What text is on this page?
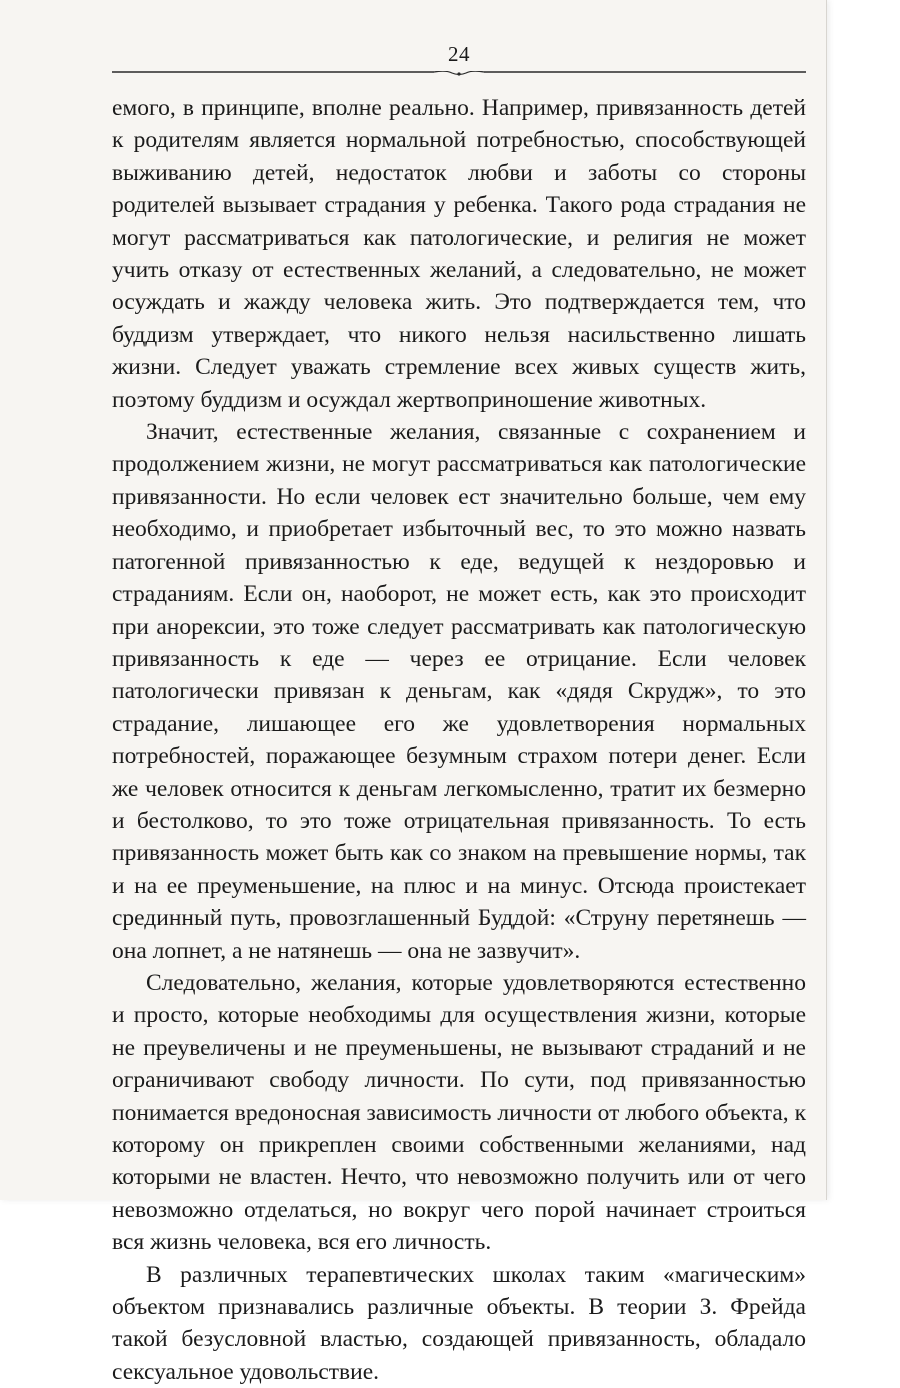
24

емого, в принципе, вполне реально. Например, привязанность детей к родителям является нормальной потребностью, способствующей выживанию детей, недостаток любви и заботы со стороны родителей вызывает страдания у ребенка. Такого рода страдания не могут рассматриваться как патологические, и религия не может учить отказу от естественных желаний, а следовательно, не может осуждать и жажду человека жить. Это подтверждается тем, что буддизм утверждает, что никого нельзя насильственно лишать жизни. Следует уважать стремление всех живых существ жить, поэтому буддизм и осуждал жертвоприношение животных.

Значит, естественные желания, связанные с сохранением и продолжением жизни, не могут рассматриваться как патологические привязанности. Но если человек ест значительно больше, чем ему необходимо, и приобретает избыточный вес, то это можно назвать патогенной привязанностью к еде, ведущей к нездоровью и страданиям. Если он, наоборот, не может есть, как это происходит при анорексии, это тоже следует рассматривать как патологическую привязанность к еде — через ее отрицание. Если человек патологически привязан к деньгам, как «дядя Скрудж», то это страдание, лишающее его же удовлетворения нормальных потребностей, поражающее безумным страхом потери денег. Если же человек относится к деньгам легкомысленно, тратит их безмерно и бестолково, то это тоже отрицательная привязанность. То есть привязанность может быть как со знаком на превышение нормы, так и на ее преуменьшение, на плюс и на минус. Отсюда проистекает срединный путь, провозглашенный Буддой: «Струну перетянешь — она лопнет, а не натянешь — она не зазвучит».

Следовательно, желания, которые удовлетворяются естественно и просто, которые необходимы для осуществления жизни, которые не преувеличены и не преуменьшены, не вызывают страданий и не ограничивают свободу личности. По сути, под привязанностью понимается вредоносная зависимость личности от любого объекта, к которому он прикреплен своими собственными желаниями, над которыми не властен. Нечто, что невозможно получить или от чего невозможно отделаться, но вокруг чего порой начинает строиться вся жизнь человека, вся его личность.

В различных терапевтических школах таким «магическим» объектом признавались различные объекты. В теории З. Фрейда такой безусловной властью, создающей привязанность, обладало сексуальное удовольствие.
